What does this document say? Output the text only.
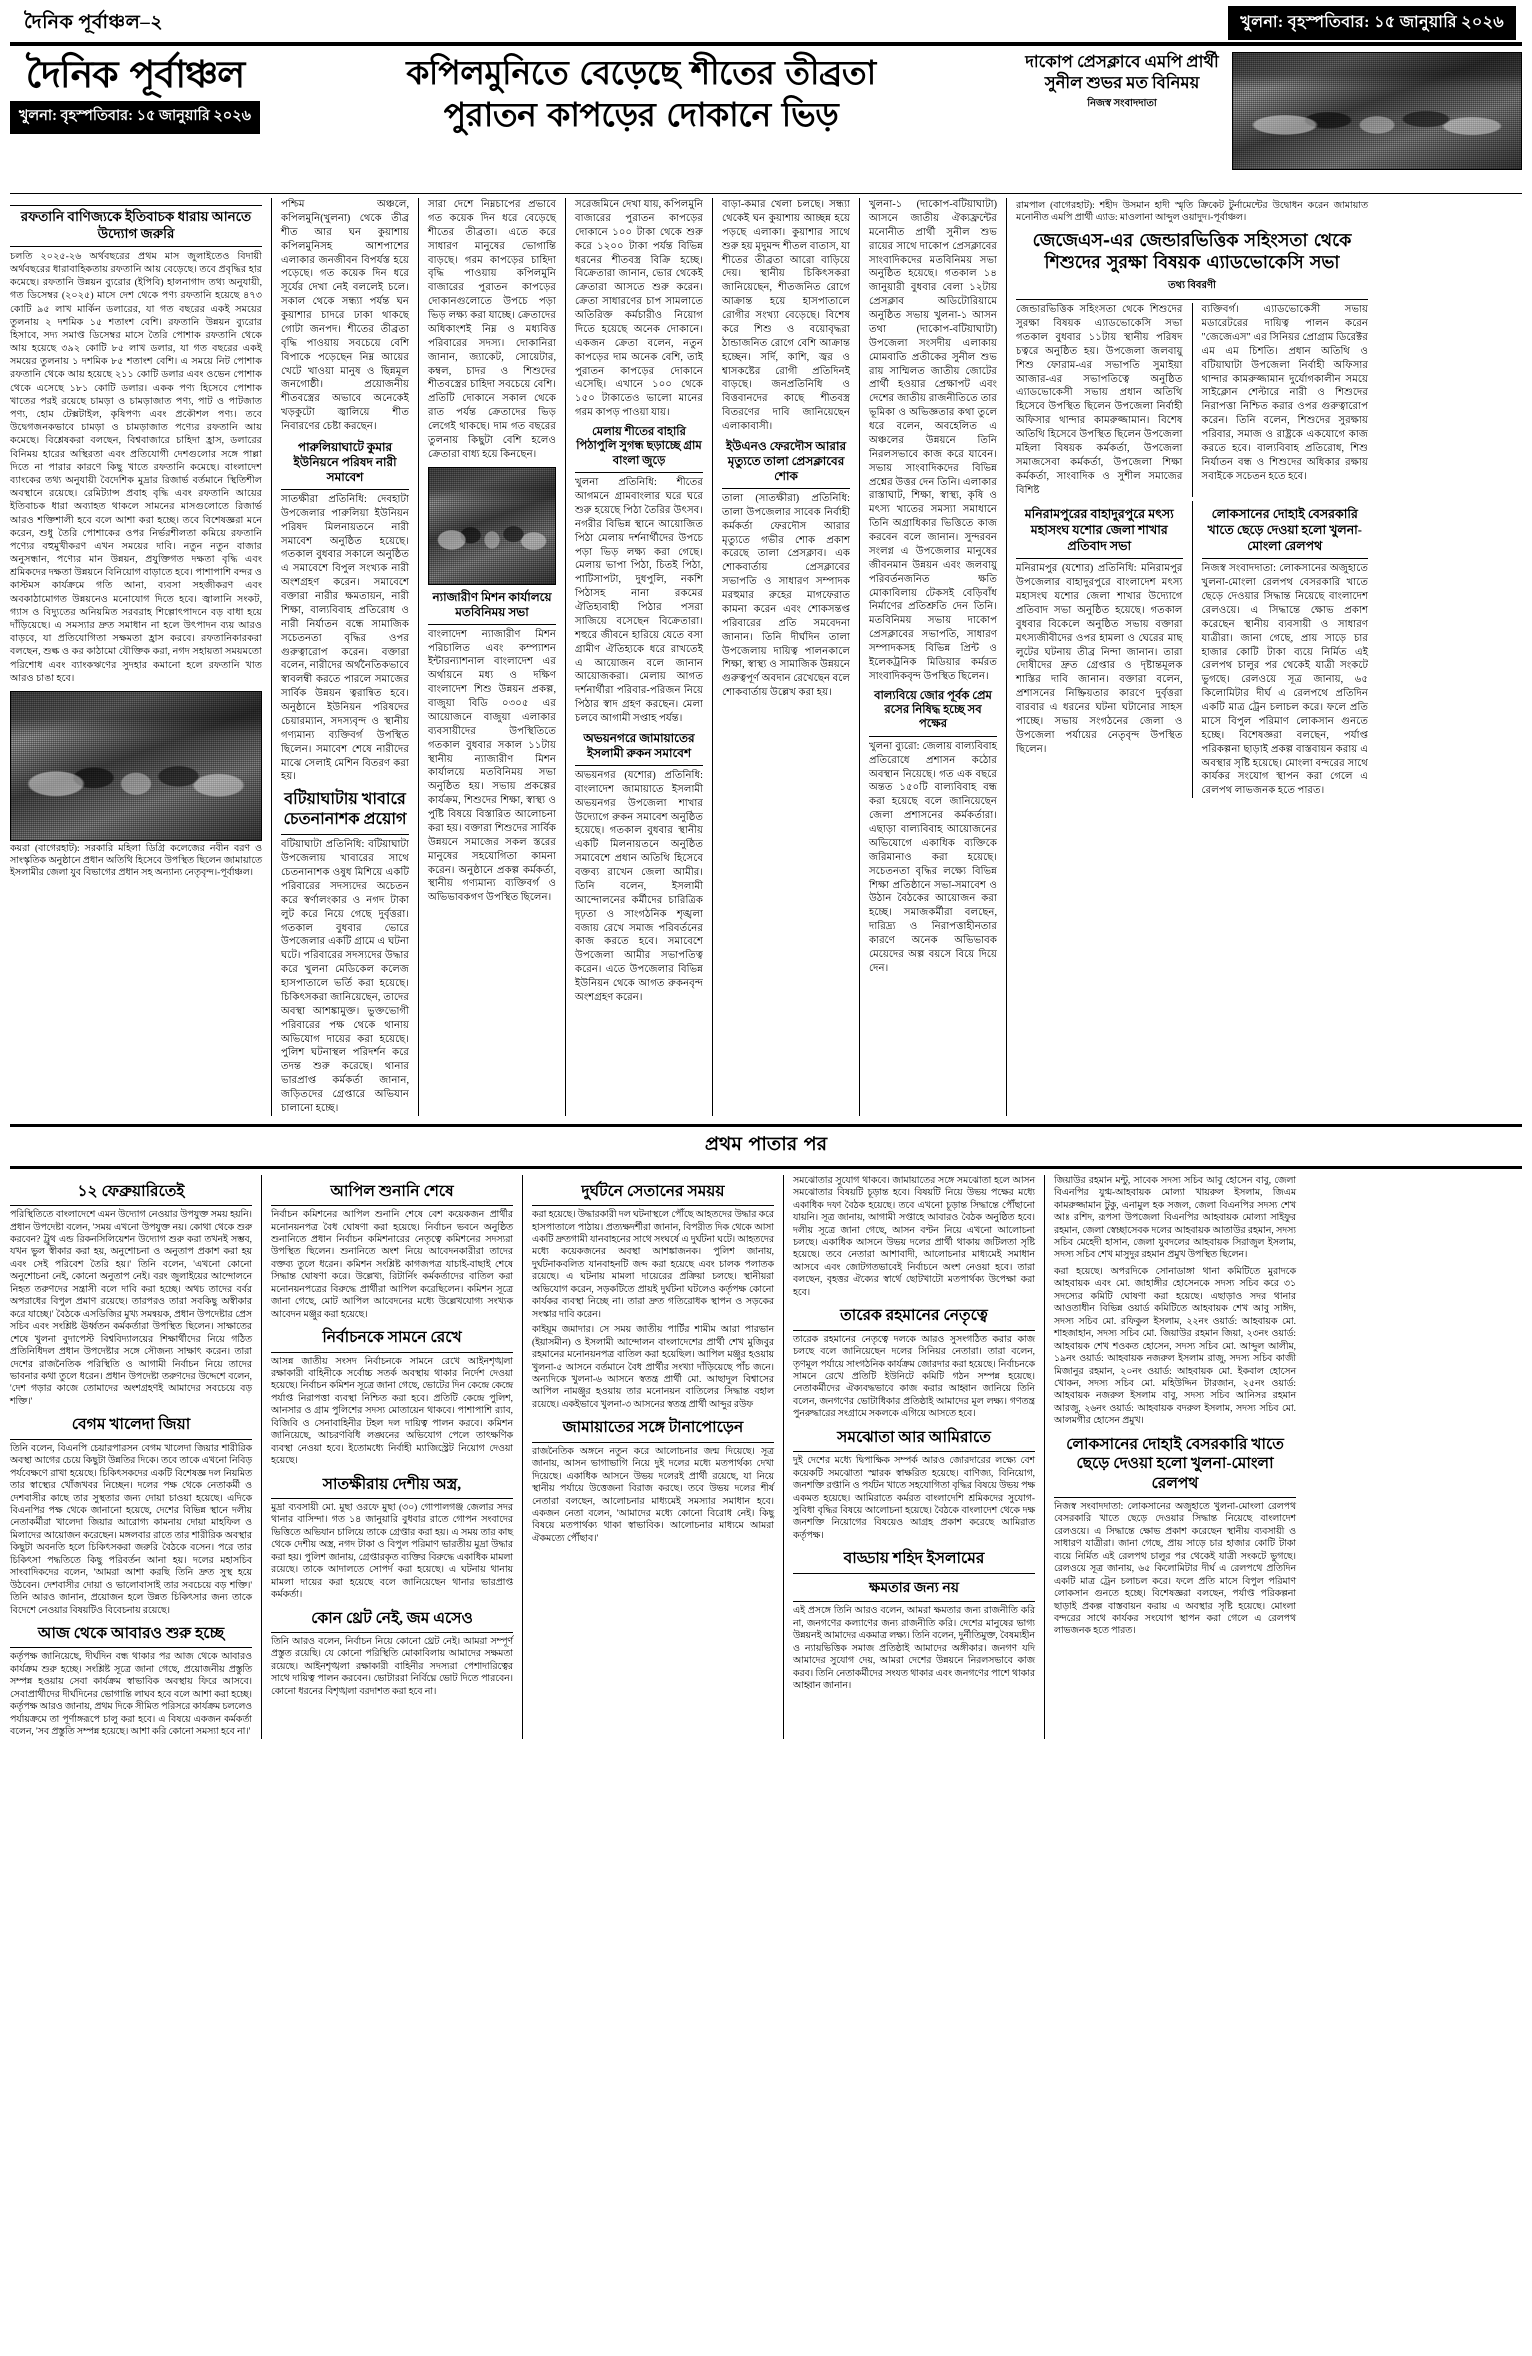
দৈনিক পূর্বাঞ্চল–২	খুলনা: বৃহস্পতিবার: ১৫ জানুয়ারি ২০২৬
দৈনিক পূর্বাঞ্চল
খুলনা: বৃহস্পতিবার: ১৫ জানুয়ারি ২০২৬
কপিলমুনিতে বেড়েছে শীতের তীব্রতা
পুরাতন কাপড়ের দোকানে ভিড়
দাকোপ প্রেসক্লাবে এমপি প্রার্থী সুনীল শুভর মত বিনিময়
নিজস্ব সংবাদদাতা
রফতানি বাণিজ্যকে ইতিবাচক ধারায় আনতে উদ্যোগ জরুরি
চলতি ২০২৫-২৬ অর্থবছরের প্রথম মাস জুলাইতেও বিদায়ী অর্থবছরের ধারাবাহিকতায় রফতানি আয় বেড়েছে। তবে প্রবৃদ্ধির হার কমেছে। রফতানি উন্নয়ন ব্যুরোর (ইপিবি) হালনাগাদ তথ্য অনুযায়ী, গত ডিসেম্বর (২০২৫) মাসে দেশ থেকে পণ্য রফতানি হয়েছে ৪৭৩ কোটি ৯৫ লাখ মার্কিন ডলারের, যা গত বছরের একই সময়ের তুলনায় ২ দশমিক ১৫ শতাংশ বেশি। রফতানি উন্নয়ন ব্যুরোর হিসাবে, সদ্য সমাপ্ত ডিসেম্বর মাসে তৈরি পোশাক রফতানি থেকে আয় হয়েছে ৩৯২ কোটি ৮৫ লাখ ডলার, যা গত বছরের একই সময়ের তুলনায় ১ দশমিক ৮৫ শতাংশ বেশি। এ সময়ে নিট পোশাক রফতানি থেকে আয় হয়েছে ২১১ কোটি ডলার এবং ওভেন পোশাক থেকে এসেছে ১৮১ কোটি ডলার। একক পণ্য হিসেবে পোশাক খাতের পরই রয়েছে চামড়া ও চামড়াজাত পণ্য, পাট ও পাটজাত পণ্য, হোম টেক্সটাইল, কৃষিপণ্য এবং প্রকৌশল পণ্য। তবে উদ্বেগজনকভাবে চামড়া ও চামড়াজাত পণ্যের রফতানি আয় কমেছে। বিশ্লেষকরা বলছেন, বিশ্ববাজারে চাহিদা হ্রাস, ডলারের বিনিময় হারের অস্থিরতা এবং প্রতিযোগী দেশগুলোর সঙ্গে পাল্লা দিতে না পারার কারণে কিছু খাতে রফতানি কমেছে। বাংলাদেশ ব্যাংকের তথ্য অনুযায়ী বৈদেশিক মুদ্রার রিজার্ভ বর্তমানে স্থিতিশীল অবস্থানে রয়েছে। রেমিট্যান্স প্রবাহ বৃদ্ধি এবং রফতানি আয়ের ইতিবাচক ধারা অব্যাহত থাকলে সামনের মাসগুলোতে রিজার্ভ আরও শক্তিশালী হবে বলে আশা করা হচ্ছে। তবে বিশেষজ্ঞরা মনে করেন, শুধু তৈরি পোশাকের ওপর নির্ভরশীলতা কমিয়ে রফতানি পণ্যের বহুমুখীকরণ এখন সময়ের দাবি। নতুন নতুন বাজার অনুসন্ধান, পণ্যের মান উন্নয়ন, প্রযুক্তিগত দক্ষতা বৃদ্ধি এবং শ্রমিকদের দক্ষতা উন্নয়নে বিনিয়োগ বাড়াতে হবে। পাশাপাশি বন্দর ও কাস্টমস কার্যক্রমে গতি আনা, ব্যবসা সহজীকরণ এবং অবকাঠামোগত উন্নয়নেও মনোযোগ দিতে হবে। জ্বালানি সংকট, গ্যাস ও বিদ্যুতের অনিয়মিত সরবরাহ শিল্পোৎপাদনে বড় বাধা হয়ে দাঁড়িয়েছে। এ সমস্যার দ্রুত সমাধান না হলে উৎপাদন ব্যয় আরও বাড়বে, যা প্রতিযোগিতা সক্ষমতা হ্রাস করবে। রফতানিকারকরা বলছেন, শুল্ক ও কর কাঠামো যৌক্তিক করা, নগদ সহায়তা সময়মতো পরিশোধ এবং ব্যাংকঋণের সুদহার কমানো হলে রফতানি খাত আরও চাঙা হবে।
কয়রা (বাগেরহাট): সরকারি মহিলা ডিগ্রি কলেজের নবীন বরণ ও সাংস্কৃতিক অনুষ্ঠানে প্রধান অতিথি হিসেবে উপস্থিত ছিলেন জামায়াতে ইসলামীর জেলা যুব বিভাগের প্রধান সহ অন্যান্য নেতৃবৃন্দ।-পূর্বাঞ্চল।
পশ্চিম অঞ্চলে, কপিলমুনি(খুলনা) থেকে তীব্র শীত আর ঘন কুয়াশায় কপিলমুনিসহ আশপাশের এলাকার জনজীবন বিপর্যস্ত হয়ে পড়েছে। গত কয়েক দিন ধরে সূর্যের দেখা নেই বললেই চলে। সকাল থেকে সন্ধ্যা পর্যন্ত ঘন কুয়াশার চাদরে ঢাকা থাকছে গোটা জনপদ। শীতের তীব্রতা বৃদ্ধি পাওয়ায় সবচেয়ে বেশি বিপাকে পড়েছেন নিম্ন আয়ের খেটে খাওয়া মানুষ ও ছিন্নমূল জনগোষ্ঠী। প্রয়োজনীয় শীতবস্ত্রের অভাবে অনেকেই খড়কুটো জ্বালিয়ে শীত নিবারণের চেষ্টা করছেন।
পারুলিয়াঘাটে কুমার ইউনিয়নে পরিষদ নারী সমাবেশ
সাতক্ষীরা প্রতিনিধি: দেবহাটা উপজেলার পারুলিয়া ইউনিয়ন পরিষদ মিলনায়তনে নারী সমাবেশ অনুষ্ঠিত হয়েছে। গতকাল বুধবার সকালে অনুষ্ঠিত এ সমাবেশে বিপুল সংখ্যক নারী অংশগ্রহণ করেন। সমাবেশে বক্তারা নারীর ক্ষমতায়ন, নারী শিক্ষা, বাল্যবিবাহ প্রতিরোধ ও নারী নির্যাতন বন্ধে সামাজিক সচেতনতা বৃদ্ধির ওপর গুরুত্বারোপ করেন। বক্তারা বলেন, নারীদের অর্থনৈতিকভাবে স্বাবলম্বী করতে পারলে সমাজের সার্বিক উন্নয়ন ত্বরান্বিত হবে। অনুষ্ঠানে ইউনিয়ন পরিষদের চেয়ারম্যান, সদস্যবৃন্দ ও স্থানীয় গণ্যমান্য ব্যক্তিবর্গ উপস্থিত ছিলেন। সমাবেশ শেষে নারীদের মাঝে সেলাই মেশিন বিতরণ করা হয়।
বটিয়াঘাটায় খাবারে চেতনানাশক প্রয়োগ
বটিয়াঘাটা প্রতিনিধি: বটিয়াঘাটা উপজেলায় খাবারের সাথে চেতনানাশক ওষুধ মিশিয়ে একটি পরিবারের সদস্যদের অচেতন করে স্বর্ণালংকার ও নগদ টাকা লুট করে নিয়ে গেছে দুর্বৃত্তরা। গতকাল বুধবার ভোরে উপজেলার একটি গ্রামে এ ঘটনা ঘটে। পরিবারের সদস্যদের উদ্ধার করে খুলনা মেডিকেল কলেজ হাসপাতালে ভর্তি করা হয়েছে। চিকিৎসকরা জানিয়েছেন, তাদের অবস্থা আশঙ্কামুক্ত। ভুক্তভোগী পরিবারের পক্ষ থেকে থানায় অভিযোগ দায়ের করা হয়েছে। পুলিশ ঘটনাস্থল পরিদর্শন করে তদন্ত শুরু করেছে। থানার ভারপ্রাপ্ত কর্মকর্তা জানান, জড়িতদের গ্রেপ্তারে অভিযান চালানো হচ্ছে।
সারা দেশে নিম্নচাপের প্রভাবে গত কয়েক দিন ধরে বেড়েছে শীতের তীব্রতা। এতে করে সাধারণ মানুষের ভোগান্তি বাড়ছে। গরম কাপড়ের চাহিদা বৃদ্ধি পাওয়ায় কপিলমুনি বাজারের পুরাতন কাপড়ের দোকানগুলোতে উপচে পড়া ভিড় লক্ষ্য করা যাচ্ছে। ক্রেতাদের অধিকাংশই নিম্ন ও মধ্যবিত্ত পরিবারের সদস্য। দোকানিরা জানান, জ্যাকেট, সোয়েটার, কম্বল, চাদর ও শিশুদের শীতবস্ত্রের চাহিদা সবচেয়ে বেশি। প্রতিটি দোকানে সকাল থেকে রাত পর্যন্ত ক্রেতাদের ভিড় লেগেই থাকছে। দাম গত বছরের তুলনায় কিছুটা বেশি হলেও ক্রেতারা বাধ্য হয়ে কিনছেন।
ন্যাজারীণ মিশন কার্যালয়ে মতবিনিময় সভা
বাংলাদেশ ন্যাজারীণ মিশন পরিচালিত এবং কম্প্যাশন ইন্টারন্যাশনাল বাংলাদেশ এর অর্থায়নে মধ্য ও দক্ষিণ বাংলাদেশ শিশু উন্নয়ন প্রকল্প, বাজুয়া বিডি ০৩০৫ এর আয়োজনে বাজুয়া এলাকার ব্যবসায়ীদের উপস্থিতিতে গতকাল বুধবার সকাল ১১টায় স্থানীয় ন্যাজারীণ মিশন কার্যালয়ে মতবিনিময় সভা অনুষ্ঠিত হয়। সভায় প্রকল্পের কার্যক্রম, শিশুদের শিক্ষা, স্বাস্থ্য ও পুষ্টি বিষয়ে বিস্তারিত আলোচনা করা হয়। বক্তারা শিশুদের সার্বিক উন্নয়নে সমাজের সকল স্তরের মানুষের সহযোগিতা কামনা করেন। অনুষ্ঠানে প্রকল্প কর্মকর্তা, স্থানীয় গণ্যমান্য ব্যক্তিবর্গ ও অভিভাবকগণ উপস্থিত ছিলেন।
সরেজমিনে দেখা যায়, কপিলমুনি বাজারের পুরাতন কাপড়ের দোকানে ১০০ টাকা থেকে শুরু করে ১২০০ টাকা পর্যন্ত বিভিন্ন ধরনের শীতবস্ত্র বিক্রি হচ্ছে। বিক্রেতারা জানান, ভোর থেকেই ক্রেতারা আসতে শুরু করেন। ক্রেতা সাধারণের চাপ সামলাতে অতিরিক্ত কর্মচারীও নিয়োগ দিতে হয়েছে অনেক দোকানে। একজন ক্রেতা বলেন, নতুন কাপড়ের দাম অনেক বেশি, তাই পুরাতন কাপড়ের দোকানে এসেছি। এখানে ১০০ থেকে ১৫০ টাকাতেও ভালো মানের গরম কাপড় পাওয়া যায়।
মেলায় শীতের বাহারি পিঠাপুলি সুগন্ধ ছড়াচ্ছে গ্রাম বাংলা জুড়ে
খুলনা প্রতিনিধি: শীতের আগমনে গ্রামবাংলার ঘরে ঘরে শুরু হয়েছে পিঠা তৈরির উৎসব। নগরীর বিভিন্ন স্থানে আয়োজিত পিঠা মেলায় দর্শনার্থীদের উপচে পড়া ভিড় লক্ষ্য করা গেছে। মেলায় ভাপা পিঠা, চিতই পিঠা, পাটিসাপটা, দুধপুলি, নকশি পিঠাসহ নানা রকমের ঐতিহ্যবাহী পিঠার পসরা সাজিয়ে বসেছেন বিক্রেতারা। শহুরে জীবনে হারিয়ে যেতে বসা গ্রামীণ ঐতিহ্যকে ধরে রাখতেই এ আয়োজন বলে জানান আয়োজকরা। মেলায় আগত দর্শনার্থীরা পরিবার-পরিজন নিয়ে পিঠার স্বাদ গ্রহণ করছেন। মেলা চলবে আগামী সপ্তাহ পর্যন্ত।
অভয়নগরে জামায়াতের ইসলামী রুকন সমাবেশ
অভয়নগর (যশোর) প্রতিনিধি: বাংলাদেশ জামায়াতে ইসলামী অভয়নগর উপজেলা শাখার উদ্যোগে রুকন সমাবেশ অনুষ্ঠিত হয়েছে। গতকাল বুধবার স্থানীয় একটি মিলনায়তনে অনুষ্ঠিত সমাবেশে প্রধান অতিথি হিসেবে বক্তব্য রাখেন জেলা আমীর। তিনি বলেন, ইসলামী আন্দোলনের কর্মীদের চারিত্রিক দৃঢ়তা ও সাংগঠনিক শৃঙ্খলা বজায় রেখে সমাজ পরিবর্তনের কাজ করতে হবে। সমাবেশে উপজেলা আমীর সভাপতিত্ব করেন। এতে উপজেলার বিভিন্ন ইউনিয়ন থেকে আগত রুকনবৃন্দ অংশগ্রহণ করেন।
বাড়া-কমার খেলা চলছে। সন্ধ্যা থেকেই ঘন কুয়াশায় আচ্ছন্ন হয়ে পড়ছে এলাকা। কুয়াশার সাথে শুরু হয় মৃদুমন্দ শীতল বাতাস, যা শীতের তীব্রতা আরো বাড়িয়ে দেয়। স্থানীয় চিকিৎসকরা জানিয়েছেন, শীতজনিত রোগে আক্রান্ত হয়ে হাসপাতালে রোগীর সংখ্যা বেড়েছে। বিশেষ করে শিশু ও বয়োবৃদ্ধরা ঠান্ডাজনিত রোগে বেশি আক্রান্ত হচ্ছেন। সর্দি, কাশি, জ্বর ও শ্বাসকষ্টের রোগী প্রতিদিনই বাড়ছে। জনপ্রতিনিধি ও বিত্তবানদের কাছে শীতবস্ত্র বিতরণের দাবি জানিয়েছেন এলাকাবাসী।
ইউএনও ফেরদৌস আরার মৃত্যুতে তালা প্রেসক্লাবের শোক
তালা (সাতক্ষীরা) প্রতিনিধি: তালা উপজেলার সাবেক নির্বাহী কর্মকর্তা ফেরদৌস আরার মৃত্যুতে গভীর শোক প্রকাশ করেছে তালা প্রেসক্লাব। এক শোকবার্তায় প্রেসক্লাবের সভাপতি ও সাধারণ সম্পাদক মরহুমার রুহের মাগফেরাত কামনা করেন এবং শোকসন্তপ্ত পরিবারের প্রতি সমবেদনা জানান। তিনি দীর্ঘদিন তালা উপজেলায় দায়িত্ব পালনকালে শিক্ষা, স্বাস্থ্য ও সামাজিক উন্নয়নে গুরুত্বপূর্ণ অবদান রেখেছেন বলে শোকবার্তায় উল্লেখ করা হয়।
খুলনা-১ (দাকোপ-বটিয়াঘাটা) আসনে জাতীয় ঐক্যফ্রন্টের মনোনীত প্রার্থী সুনীল শুভ রায়ের সাথে দাকোপ প্রেসক্লাবের সাংবাদিকদের মতবিনিময় সভা অনুষ্ঠিত হয়েছে। গতকাল ১৪ জানুয়ারী বুধবার বেলা ১২টায় প্রেসক্লাব অডিটোরিয়ামে অনুষ্ঠিত সভায় খুলনা-১ আসন তথা (দাকোপ-বটিয়াঘাটা) উপজেলা সংসদীয় এলাকায় মোমবাতি প্রতীকের সুনীল শুভ রায় সাম্মিলত জাতীয় জোটের প্রার্থী হওয়ার প্রেক্ষাপট এবং দেশের জাতীয় রাজনীতিতে তার ভূমিকা ও অভিজ্ঞতার কথা তুলে ধরে বলেন, অবহেলিত এ অঞ্চলের উন্নয়নে তিনি নিরলসভাবে কাজ করে যাবেন। সভায় সাংবাদিকদের বিভিন্ন প্রশ্নের উত্তর দেন তিনি। এলাকার রাস্তাঘাট, শিক্ষা, স্বাস্থ্য, কৃষি ও মৎস্য খাতের সমস্যা সমাধানে তিনি অগ্রাধিকার ভিত্তিতে কাজ করবেন বলে জানান। সুন্দরবন সংলগ্ন এ উপজেলার মানুষের জীবনমান উন্নয়ন এবং জলবায়ু পরিবর্তনজনিত ক্ষতি মোকাবিলায় টেকসই বেড়িবাঁধ নির্মাণের প্রতিশ্রুতি দেন তিনি। মতবিনিময় সভায় দাকোপ প্রেসক্লাবের সভাপতি, সাধারণ সম্পাদকসহ বিভিন্ন প্রিন্ট ও ইলেকট্রনিক মিডিয়ার কর্মরত সাংবাদিকবৃন্দ উপস্থিত ছিলেন।
বাল্যবিয়ে জোর পূর্বক প্রেম রসের নিষিদ্ধ হচ্ছে সব পক্ষের
খুলনা ব্যুরো: জেলায় বাল্যবিবাহ প্রতিরোধে প্রশাসন কঠোর অবস্থান নিয়েছে। গত এক বছরে অন্তত ১৫০টি বাল্যবিবাহ বন্ধ করা হয়েছে বলে জানিয়েছেন জেলা প্রশাসনের কর্মকর্তারা। এছাড়া বাল্যবিবাহ আয়োজনের অভিযোগে একাধিক ব্যক্তিকে জরিমানাও করা হয়েছে। সচেতনতা বৃদ্ধির লক্ষ্যে বিভিন্ন শিক্ষা প্রতিষ্ঠানে সভা-সমাবেশ ও উঠান বৈঠকের আয়োজন করা হচ্ছে। সমাজকর্মীরা বলছেন, দারিদ্র্য ও নিরাপত্তাহীনতার কারণে অনেক অভিভাবক মেয়েদের অল্প বয়সে বিয়ে দিয়ে দেন।
রামপাল (বাগেরহাট): শহীদ উসমান হাদী স্মৃতি ক্রিকেট টুর্নামেন্টের উদ্বোধন করেন জামায়াত মনোনীত এমপি প্রার্থী এ্যাড: মাওলানা আব্দুল ওয়াদুদ।-পূর্বাঞ্চল।
জেজেএস-এর জেন্ডারভিত্তিক সহিংসতা থেকে শিশুদের সুরক্ষা বিষয়ক এ্যাডভোকেসি সভা
তথ্য বিবরণী
জেন্ডারভিত্তিক সহিংসতা থেকে শিশুদের সুরক্ষা বিষয়ক এ্যাডভোকেসি সভা গতকাল বুধবার ১১টায় স্থানীয় পরিষদ চত্বরে অনুষ্ঠিত হয়। উপজেলা জলবায়ু শিশু ফোরাম-এর সভাপতি সুমাইয়া আজার-এর সভাপতিত্বে অনুষ্ঠিত এ্যাডভোকেসী সভায় প্রধান অতিথি হিসেবে উপস্থিত ছিলেন উপজেলা নির্বাহী অফিসার থান্দার কামরুজ্জামান। বিশেষ অতিথি হিসেবে উপস্থিত ছিলেন উপজেলা মহিলা বিষয়ক কর্মকর্তা, উপজেলা সমাজসেবা কর্মকর্তা, উপজেলা শিক্ষা কর্মকর্তা, সাংবাদিক ও সুশীল সমাজের বিশিষ্ট
ব্যক্তিবর্গ। এ্যাডভোকেসী সভায় মডারেটরের দায়িত্ব পালন করেন "জেজেএস" এর সিনিয়র প্রোগ্রাম ডিরেক্টর এম এম চিশতি। প্রধান অতিথি ও বটিয়াঘাটা উপজেলা নির্বাহী অফিসার থান্দার কামরুজ্জামান দুর্যোগকালীন সময়ে সাইক্লোন শেল্টারে নারী ও শিশুদের নিরাপত্তা নিশ্চিত করার ওপর গুরুত্বারোপ করেন। তিনি বলেন, শিশুদের সুরক্ষায় পরিবার, সমাজ ও রাষ্ট্রকে একযোগে কাজ করতে হবে। বাল্যবিবাহ প্রতিরোধ, শিশু নির্যাতন বন্ধ ও শিশুদের অধিকার রক্ষায় সবাইকে সচেতন হতে হবে।
মনিরামপুরের বাহাদুরপুরে মৎস্য মহাসংঘ যশোর জেলা শাখার প্রতিবাদ সভা
মনিরামপুর (যশোর) প্রতিনিধি: মনিরামপুর উপজেলার বাহাদুরপুরে বাংলাদেশ মৎস্য মহাসংঘ যশোর জেলা শাখার উদ্যোগে প্রতিবাদ সভা অনুষ্ঠিত হয়েছে। গতকাল বুধবার বিকেলে অনুষ্ঠিত সভায় বক্তারা মৎস্যজীবীদের ওপর হামলা ও ঘেরের মাছ লুটের ঘটনায় তীব্র নিন্দা জানান। তারা দোষীদের দ্রুত গ্রেপ্তার ও দৃষ্টান্তমূলক শাস্তির দাবি জানান। বক্তারা বলেন, প্রশাসনের নিষ্ক্রিয়তার কারণে দুর্বৃত্তরা বারবার এ ধরনের ঘটনা ঘটানোর সাহস পাচ্ছে। সভায় সংগঠনের জেলা ও উপজেলা পর্যায়ের নেতৃবৃন্দ উপস্থিত ছিলেন।
লোকসানের দোহাই বেসরকারি খাতে ছেড়ে দেওয়া হলো খুলনা-মোংলা রেলপথ
নিজস্ব সংবাদদাতা: লোকসানের অজুহাতে খুলনা-মোংলা রেলপথ বেসরকারি খাতে ছেড়ে দেওয়ার সিদ্ধান্ত নিয়েছে বাংলাদেশ রেলওয়ে। এ সিদ্ধান্তে ক্ষোভ প্রকাশ করেছেন স্থানীয় ব্যবসায়ী ও সাধারণ যাত্রীরা। জানা গেছে, প্রায় সাড়ে চার হাজার কোটি টাকা ব্যয়ে নির্মিত এই রেলপথ চালুর পর থেকেই যাত্রী সংকটে ভুগছে। রেলওয়ে সূত্র জানায়, ৬৫ কিলোমিটার দীর্ঘ এ রেলপথে প্রতিদিন একটি মাত্র ট্রেন চলাচল করে। ফলে প্রতি মাসে বিপুল পরিমাণ লোকসান গুনতে হচ্ছে। বিশেষজ্ঞরা বলছেন, পর্যাপ্ত পরিকল্পনা ছাড়াই প্রকল্প বাস্তবায়ন করায় এ অবস্থার সৃষ্টি হয়েছে। মোংলা বন্দরের সাথে কার্যকর সংযোগ স্থাপন করা গেলে এ রেলপথ লাভজনক হতে পারত।
প্রথম পাতার পর
১২ ফেব্রুয়ারিতেই
পরিস্থিতিতে বাংলাদেশে এমন উদ্যোগ নেওয়ার উপযুক্ত সময় হয়নি। প্রধান উপদেষ্টা বলেন, 'সময় এখনো উপযুক্ত নয়। কোথা থেকে শুরু করবেন? ট্রুথ এন্ড রিকনসিলিয়েশন উদ্যোগ শুরু করা তখনই সম্ভব, যখন ভুল স্বীকার করা হয়, অনুশোচনা ও অনুতাপ প্রকাশ করা হয় এবং সেই পরিবেশ তৈরি হয়।' তিনি বলেন, 'এখনো কোনো অনুশোচনা নেই, কোনো অনুতাপ নেই। বরং জুলাইয়ের আন্দোলনে নিহত তরুণদের সন্ত্রাসী বলে দাবি করা হচ্ছে। অথচ তাদের বর্বর অপরাধের বিপুল প্রমাণ রয়েছে। তারপরও তারা সবকিছু অস্বীকার করে যাচ্ছে।' বৈঠকে এসডিজির মুখ্য সমন্বয়ক, প্রধান উপদেষ্টার প্রেস সচিব এবং সংশ্লিষ্ট ঊর্ধ্বতন কর্মকর্তারা উপস্থিত ছিলেন। সাক্ষাতের শেষে খুলনা বুদাপেস্ট বিশ্ববিদ্যালয়ের শিক্ষার্থীদের নিয়ে গঠিত প্রতিনিধিদল প্রধান উপদেষ্টার সঙ্গে সৌজন্য সাক্ষাৎ করেন। তারা দেশের রাজনৈতিক পরিস্থিতি ও আগামী নির্বাচন নিয়ে তাদের ভাবনার কথা তুলে ধরেন। প্রধান উপদেষ্টা তরুণদের উদ্দেশে বলেন, 'দেশ গড়ার কাজে তোমাদের অংশগ্রহণই আমাদের সবচেয়ে বড় শক্তি।'
বেগম খালেদা জিয়া
তিনি বলেন, বিএনপি চেয়ারপারসন বেগম খালেদা জিয়ার শারীরিক অবস্থা আগের চেয়ে কিছুটা উন্নতির দিকে। তবে তাকে এখনো নিবিড় পর্যবেক্ষণে রাখা হয়েছে। চিকিৎসকদের একটি বিশেষজ্ঞ দল নিয়মিত তার স্বাস্থ্যের খোঁজখবর নিচ্ছেন। দলের পক্ষ থেকে নেতাকর্মী ও দেশবাসীর কাছে তার সুস্থতার জন্য দোয়া চাওয়া হয়েছে। এদিকে বিএনপির পক্ষ থেকে জানানো হয়েছে, দেশের বিভিন্ন স্থানে দলীয় নেতাকর্মীরা খালেদা জিয়ার আরোগ্য কামনায় দোয়া মাহফিল ও মিলাদের আয়োজন করেছেন। মঙ্গলবার রাতে তার শারীরিক অবস্থার কিছুটা অবনতি হলে চিকিৎসকরা জরুরি বৈঠকে বসেন। পরে তার চিকিৎসা পদ্ধতিতে কিছু পরিবর্তন আনা হয়। দলের মহাসচিব সাংবাদিকদের বলেন, 'আমরা আশা করছি তিনি দ্রুত সুস্থ হয়ে উঠবেন। দেশবাসীর দোয়া ও ভালোবাসাই তার সবচেয়ে বড় শক্তি।' তিনি আরও জানান, প্রয়োজন হলে উন্নত চিকিৎসার জন্য তাকে বিদেশে নেওয়ার বিষয়টিও বিবেচনায় রয়েছে।
আজ থেকে আবারও শুরু হচ্ছে
কর্তৃপক্ষ জানিয়েছে, দীর্ঘদিন বন্ধ থাকার পর আজ থেকে আবারও কার্যক্রম শুরু হচ্ছে। সংশ্লিষ্ট সূত্রে জানা গেছে, প্রয়োজনীয় প্রস্তুতি সম্পন্ন হওয়ায় সেবা কার্যক্রম স্বাভাবিক অবস্থায় ফিরে আসবে। সেবাপ্রার্থীদের দীর্ঘদিনের ভোগান্তি লাঘব হবে বলে আশা করা হচ্ছে। কর্তৃপক্ষ আরও জানায়, প্রথম দিকে সীমিত পরিসরে কার্যক্রম চললেও পর্যায়ক্রমে তা পূর্ণাঙ্গরূপে চালু করা হবে। এ বিষয়ে একজন কর্মকর্তা বলেন, 'সব প্রস্তুতি সম্পন্ন হয়েছে। আশা করি কোনো সমস্যা হবে না।'
আপিল শুনানি শেষে
নির্বাচন কমিশনের আপিল শুনানি শেষে বেশ কয়েকজন প্রার্থীর মনোনয়নপত্র বৈধ ঘোষণা করা হয়েছে। নির্বাচন ভবনে অনুষ্ঠিত শুনানিতে প্রধান নির্বাচন কমিশনারের নেতৃত্বে কমিশনের সদস্যরা উপস্থিত ছিলেন। শুনানিতে অংশ নিয়ে আবেদনকারীরা তাদের বক্তব্য তুলে ধরেন। কমিশন সংশ্লিষ্ট কাগজপত্র যাচাই-বাছাই শেষে সিদ্ধান্ত ঘোষণা করে। উল্লেখ্য, রিটার্নিং কর্মকর্তাদের বাতিল করা মনোনয়নপত্রের বিরুদ্ধে প্রার্থীরা আপিল করেছিলেন। কমিশন সূত্রে জানা গেছে, মোট আপিল আবেদনের মধ্যে উল্লেখযোগ্য সংখ্যক আবেদন মঞ্জুর করা হয়েছে।
নির্বাচনকে সামনে রেখে
আসন্ন জাতীয় সংসদ নির্বাচনকে সামনে রেখে আইনশৃঙ্খলা রক্ষাকারী বাহিনীকে সর্বোচ্চ সতর্ক অবস্থায় থাকার নির্দেশ দেওয়া হয়েছে। নির্বাচন কমিশন সূত্রে জানা গেছে, ভোটের দিন কেন্দ্রে কেন্দ্রে পর্যাপ্ত নিরাপত্তা ব্যবস্থা নিশ্চিত করা হবে। প্রতিটি কেন্দ্রে পুলিশ, আনসার ও গ্রাম পুলিশের সদস্য মোতায়েন থাকবে। পাশাপাশি র‍্যাব, বিজিবি ও সেনাবাহিনীর টহল দল দায়িত্ব পালন করবে। কমিশন জানিয়েছে, আচরণবিধি লঙ্ঘনের অভিযোগ পেলে তাৎক্ষণিক ব্যবস্থা নেওয়া হবে। ইতোমধ্যে নির্বাহী ম্যাজিস্ট্রেট নিয়োগ দেওয়া হয়েছে।
সাতক্ষীরায় দেশীয় অস্ত্র,
মুদ্রা ব্যবসায়ী মো. মুছা ওরফে মুছা (৩০) গোপালগঞ্জ জেলার সদর থানার বাসিন্দা। গত ১৪ জানুয়ারি বুধবার রাতে গোপন সংবাদের ভিত্তিতে অভিযান চালিয়ে তাকে গ্রেপ্তার করা হয়। এ সময় তার কাছ থেকে দেশীয় অস্ত্র, নগদ টাকা ও বিপুল পরিমাণ ভারতীয় মুদ্রা উদ্ধার করা হয়। পুলিশ জানায়, গ্রেপ্তারকৃত ব্যক্তির বিরুদ্ধে একাধিক মামলা রয়েছে। তাকে আদালতে সোপর্দ করা হয়েছে। এ ঘটনায় থানায় মামলা দায়ের করা হয়েছে বলে জানিয়েছেন থানার ভারপ্রাপ্ত কর্মকর্তা।
কোন থ্রেট নেই, জম এসেও
তিনি আরও বলেন, নির্বাচন নিয়ে কোনো থ্রেট নেই। আমরা সম্পূর্ণ প্রস্তুত রয়েছি। যে কোনো পরিস্থিতি মোকাবিলায় আমাদের সক্ষমতা রয়েছে। আইনশৃঙ্খলা রক্ষাকারী বাহিনীর সদস্যরা পেশাদারিত্বের সাথে দায়িত্ব পালন করবেন। ভোটাররা নির্বিঘ্নে ভোট দিতে পারবেন। কোনো ধরনের বিশৃঙ্খলা বরদাশত করা হবে না।
দুর্ঘটনে সেতানের সময়য়
করা হয়েছে। উদ্ধারকারী দল ঘটনাস্থলে পৌঁছে আহতদের উদ্ধার করে হাসপাতালে পাঠায়। প্রত্যক্ষদর্শীরা জানান, বিপরীত দিক থেকে আসা একটি দ্রুতগামী যানবাহনের সাথে সংঘর্ষে এ দুর্ঘটনা ঘটে। আহতদের মধ্যে কয়েকজনের অবস্থা আশঙ্কাজনক। পুলিশ জানায়, দুর্ঘটনাকবলিত যানবাহনটি জব্দ করা হয়েছে এবং চালক পলাতক রয়েছে। এ ঘটনায় মামলা দায়েরের প্রক্রিয়া চলছে। স্থানীয়রা অভিযোগ করেন, সড়কটিতে প্রায়ই দুর্ঘটনা ঘটলেও কর্তৃপক্ষ কোনো কার্যকর ব্যবস্থা নিচ্ছে না। তারা দ্রুত গতিরোধক স্থাপন ও সড়কের সংস্কার দাবি করেন।
কাইয়ূম জমাদার। সে সময় জাতীয় পার্টির শামীম আরা পারভান (ইয়াসমীন) ও ইসলামী আন্দোলন বাংলাদেশের প্রার্থী শেখ মুজিবুর রহমানের মনোনয়নপত্র বাতিল করা হয়েছিল। আপিল মঞ্জুর হওয়ায় খুলনা-৫ আসনে বর্তমানে বৈধ প্রার্থীর সংখ্যা দাঁড়িয়েছে পাঁচ জনে। অন্যদিকে খুলনা-৬ আসনে স্বতন্ত্র প্রার্থী মো. আছাদুল বিশ্বাসের আপিল নামঞ্জুর হওয়ায় তার মনোনয়ন বাতিলের সিদ্ধান্ত বহাল রয়েছে। একইভাবে খুলনা-৩ আসনের স্বতন্ত্র প্রার্থী আব্দুর রউফ
জামায়াতের সঙ্গে টানাপোড়েন
রাজনৈতিক অঙ্গনে নতুন করে আলোচনার জন্ম দিয়েছে। সূত্র জানায়, আসন ভাগাভাগি নিয়ে দুই দলের মধ্যে মতপার্থক্য দেখা দিয়েছে। একাধিক আসনে উভয় দলেরই প্রার্থী রয়েছে, যা নিয়ে স্থানীয় পর্যায়ে উত্তেজনা বিরাজ করছে। তবে উভয় দলের শীর্ষ নেতারা বলছেন, আলোচনার মাধ্যমেই সমস্যার সমাধান হবে। একজন নেতা বলেন, 'আমাদের মধ্যে কোনো বিরোধ নেই। কিছু বিষয়ে মতপার্থক্য থাকা স্বাভাবিক। আলোচনার মাধ্যমে আমরা ঐকমত্যে পৌঁছাব।'
সমঝোতার সুযোগ থাকবে। জামায়াতের সঙ্গে সমঝোতা হলে আসন সমঝোতার বিষয়টি চূড়ান্ত হবে। বিষয়টি নিয়ে উভয় পক্ষের মধ্যে একাধিক দফা বৈঠক হয়েছে। তবে এখনো চূড়ান্ত সিদ্ধান্তে পৌঁছানো যায়নি। সূত্র জানায়, আগামী সপ্তাহে আবারও বৈঠক অনুষ্ঠিত হবে। দলীয় সূত্রে জানা গেছে, আসন বণ্টন নিয়ে এখনো আলোচনা চলছে। একাধিক আসনে উভয় দলের প্রার্থী থাকায় জটিলতা সৃষ্টি হয়েছে। তবে নেতারা আশাবাদী, আলোচনার মাধ্যমেই সমাধান আসবে এবং জোটগতভাবেই নির্বাচনে অংশ নেওয়া হবে। তারা বলছেন, বৃহত্তর ঐক্যের স্বার্থে ছোটখাটো মতপার্থক্য উপেক্ষা করা হবে।
তারেক রহমানের নেতৃত্বে
তারেক রহমানের নেতৃত্বে দলকে আরও সুসংগঠিত করার কাজ চলছে বলে জানিয়েছেন দলের সিনিয়র নেতারা। তারা বলেন, তৃণমূল পর্যায়ে সাংগঠনিক কার্যক্রম জোরদার করা হয়েছে। নির্বাচনকে সামনে রেখে প্রতিটি ইউনিটে কমিটি গঠন সম্পন্ন হয়েছে। নেতাকর্মীদের ঐক্যবদ্ধভাবে কাজ করার আহ্বান জানিয়ে তিনি বলেন, জনগণের ভোটাধিকার প্রতিষ্ঠাই আমাদের মূল লক্ষ্য। গণতন্ত্র পুনরুদ্ধারের সংগ্রামে সকলকে এগিয়ে আসতে হবে।
সমঝোতা আর আমিরাতে
দুই দেশের মধ্যে দ্বিপাক্ষিক সম্পর্ক আরও জোরদারের লক্ষ্যে বেশ কয়েকটি সমঝোতা স্মারক স্বাক্ষরিত হয়েছে। বাণিজ্য, বিনিয়োগ, জনশক্তি রপ্তানি ও পর্যটন খাতে সহযোগিতা বৃদ্ধির বিষয়ে উভয় পক্ষ একমত হয়েছে। আমিরাতে কর্মরত বাংলাদেশি শ্রমিকদের সুযোগ-সুবিধা বৃদ্ধির বিষয়ে আলোচনা হয়েছে। বৈঠকে বাংলাদেশ থেকে দক্ষ জনশক্তি নিয়োগের বিষয়েও আগ্রহ প্রকাশ করেছে আমিরাত কর্তৃপক্ষ।
বাড্ডায় শহিদ ইসলামের
ক্ষমতার জন্য নয়
এই প্রসঙ্গে তিনি আরও বলেন, আমরা ক্ষমতার জন্য রাজনীতি করি না, জনগণের কল্যাণের জন্য রাজনীতি করি। দেশের মানুষের ভাগ্য উন্নয়নই আমাদের একমাত্র লক্ষ্য। তিনি বলেন, দুর্নীতিমুক্ত, বৈষম্যহীন ও ন্যায়ভিত্তিক সমাজ প্রতিষ্ঠাই আমাদের অঙ্গীকার। জনগণ যদি আমাদের সুযোগ দেয়, আমরা দেশের উন্নয়নে নিরলসভাবে কাজ করব। তিনি নেতাকর্মীদের সংযত থাকার এবং জনগণের পাশে থাকার আহ্বান জানান।
জিয়াউর রহমান মন্টু, সাবেক সদস্য সচিব আবু হোসেন বাবু, জেলা বিএনপির যুগ্ম-আহবায়ক মোল্যা খায়রুল ইসলাম, জিএম কামরুজ্জামান টুকু, এনামুল হক সজল, জেলা বিএনপির সদস্য শেখ আঃ রশিদ, রূপসা উপজেলা বিএনপির আহবায়ক মোল্যা সাইফুর রহমান, জেলা স্বেচ্ছাসেবক দলের আহবায়ক আতাউর রহমান, সদস্য সচিব মেহেদী হাসান, জেলা যুবদলের আহবায়ক সিরাজুল ইসলাম, সদস্য সচিব শেখ মাসুদুর রহমান প্রমুখ উপস্থিত ছিলেন।
করা হয়েছে। অপরদিকে সোনাডাঙ্গা থানা কমিটিতে মুরাদকে আহবায়ক এবং মো. জাহাঙ্গীর হোসেনকে সদস্য সচিব করে ৩১ সদস্যের কমিটি ঘোষণা করা হয়েছে। এছাড়াও সদর থানার আওতাধীন বিভিন্ন ওয়ার্ড কমিটিতে আহবায়ক শেখ আবু সাঈদ, সদস্য সচিব মো. রফিকুল ইসলাম, ২২নং ওয়ার্ড: আহবায়ক মো. শাহজাহান, সদস্য সচিব মো. জিয়াউর রহমান জিয়া, ২৩নং ওয়ার্ড: আহবায়ক শেখ শওকত হোসেন, সদস্য সচিব মো. আব্দুল আলীম, ১৯নং ওয়ার্ড: আহবায়ক নজরুল ইসলাম রাজু, সদস্য সচিব কাজী মিজানুর রহমান, ২০নং ওয়ার্ড: আহবায়ক মো. ইকবাল হোসেন খোকন, সদস্য সচিব মো. মহিউদ্দিন টারজান, ২৫নং ওয়ার্ড: আহবায়ক নজরুল ইসলাম বাবু, সদস্য সচিব আনিসর রহমান আরজু, ২৬নং ওয়ার্ড: আহবায়ক বদরুল ইসলাম, সদস্য সচিব মো. আলমগীর হোসেন প্রমুখ।
লোকসানের দোহাই বেসরকারি খাতে ছেড়ে দেওয়া হলো খুলনা-মোংলা রেলপথ
নিজস্ব সংবাদদাতা: লোকসানের অজুহাতে খুলনা-মোংলা রেলপথ বেসরকারি খাতে ছেড়ে দেওয়ার সিদ্ধান্ত নিয়েছে বাংলাদেশ রেলওয়ে। এ সিদ্ধান্তে ক্ষোভ প্রকাশ করেছেন স্থানীয় ব্যবসায়ী ও সাধারণ যাত্রীরা। জানা গেছে, প্রায় সাড়ে চার হাজার কোটি টাকা ব্যয়ে নির্মিত এই রেলপথ চালুর পর থেকেই যাত্রী সংকটে ভুগছে। রেলওয়ে সূত্র জানায়, ৬৫ কিলোমিটার দীর্ঘ এ রেলপথে প্রতিদিন একটি মাত্র ট্রেন চলাচল করে। ফলে প্রতি মাসে বিপুল পরিমাণ লোকসান গুনতে হচ্ছে। বিশেষজ্ঞরা বলছেন, পর্যাপ্ত পরিকল্পনা ছাড়াই প্রকল্প বাস্তবায়ন করায় এ অবস্থার সৃষ্টি হয়েছে। মোংলা বন্দরের সাথে কার্যকর সংযোগ স্থাপন করা গেলে এ রেলপথ লাভজনক হতে পারত।
